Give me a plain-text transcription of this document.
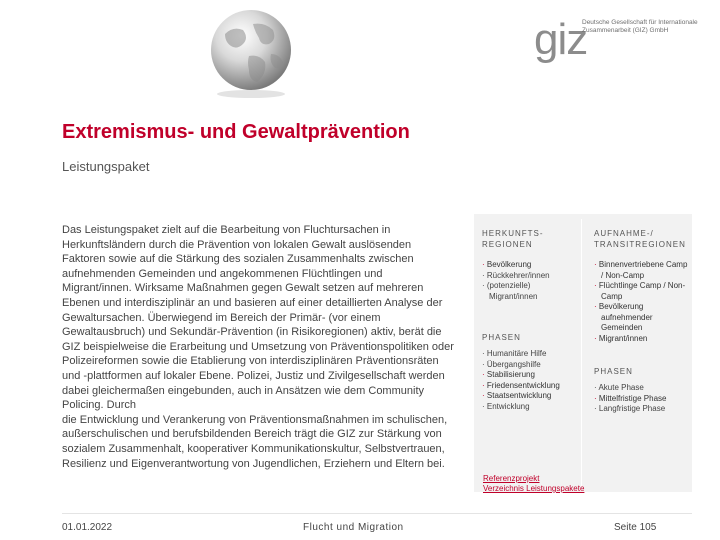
giz
Deutsche Gesellschaft für Internationale Zusammenarbeit (GIZ) GmbH
Extremismus- und Gewaltprävention

Leistungspaket

Das Leistungspaket zielt auf die Bearbeitung von Fluchtursachen in Herkunftsländern durch die Prävention von lokalen Gewalt auslösenden Faktoren sowie auf die Stärkung des sozialen Zusammenhalts zwischen aufnehmenden Gemeinden und angekommenen Flüchtlingen und Migrant/innen. Wirksame Maßnahmen gegen Gewalt setzen auf mehreren Ebenen und interdisziplinär an und basieren auf einer detaillierten Analyse der Gewaltursachen. Überwiegend im Bereich der Primär- (vor einem Gewaltausbruch) und Sekundär-Prävention (in Risikoregionen) aktiv, berät die GIZ beispielweise die Erarbeitung und Umsetzung von Präventionspolitiken oder Polizeireformen sowie die Etablierung von interdisziplinären Präventionsräten und -plattformen auf lokaler Ebene. Polizei, Justiz und Zivilgesellschaft werden dabei gleichermaßen eingebunden, auch in Ansätzen wie dem Community Policing. Durch
die Entwicklung und Verankerung von Präventionsmaßnahmen im schulischen, außerschulischen und berufsbildenden Bereich trägt die GIZ zur Stärkung von sozialem Zusammenhalt, kooperativer Kommunikationskultur, Selbstvertrauen, Resilienz und Eigenverantwortung von Jugendlichen, Erziehern und Eltern bei.
HERKUNFTS-REGIONEN
· Bevölkerung
· Rückkehrer/innen
· (potenzielle) Migrant/innen
PHASEN
· Humanitäre Hilfe
· Übergangshilfe
· Stabilisierung
· Friedensentwicklung
· Staatsentwicklung
· Entwicklung
AUFNAHME-/ TRANSITREGIONEN
· Binnenvertriebene Camp / Non-Camp
· Flüchtlinge Camp / Non-Camp
· Bevölkerung aufnehmender Gemeinden
· Migrant/innen
PHASEN
· Akute Phase
· Mittelfristige Phase
· Langfristige Phase
Referenzprojekt
Verzeichnis Leistungspakete
01.01.2022	Flucht und Migration	Seite 105
